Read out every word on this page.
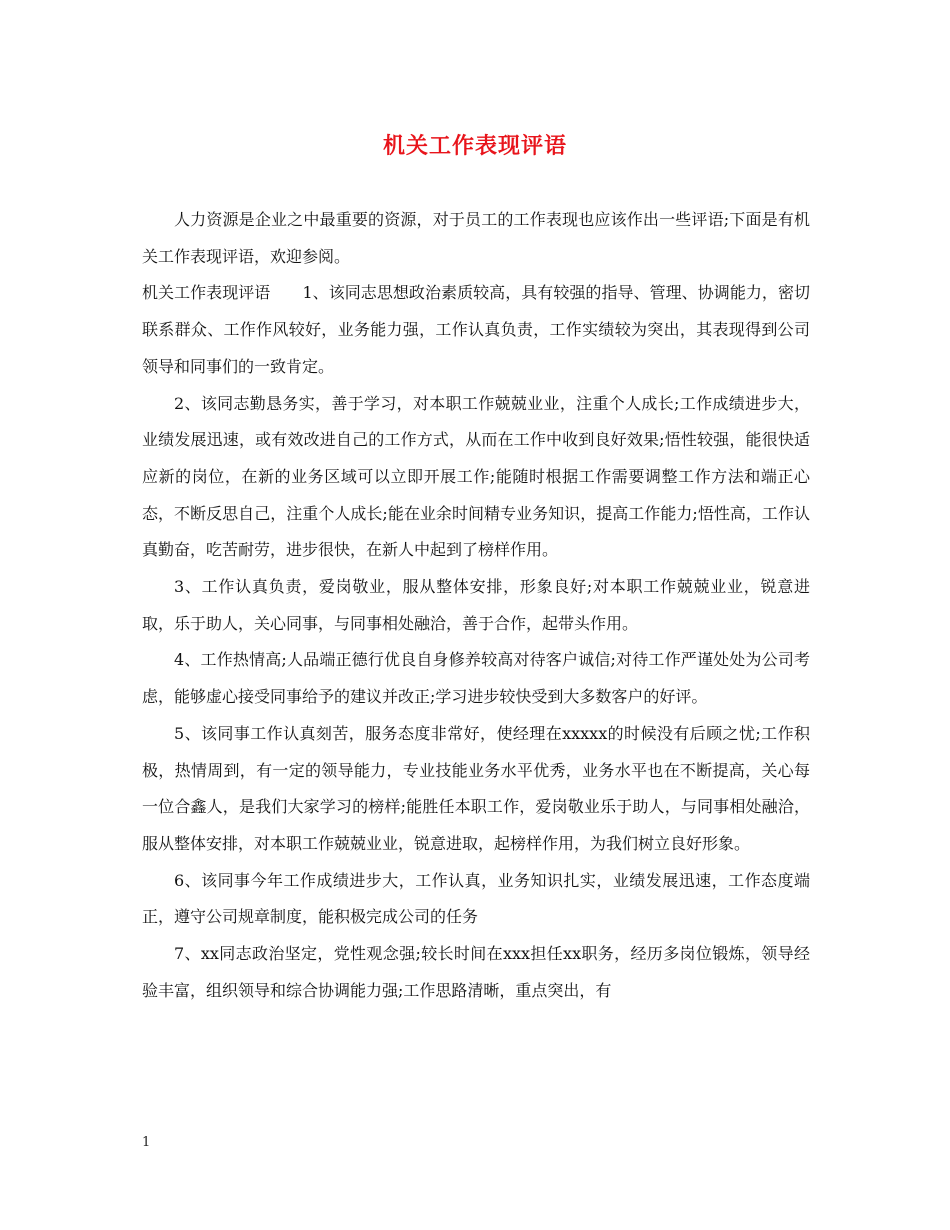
机关工作表现评语

人力资源是企业之中最重要的资源，对于员工的工作表现也应该作出一些评语;下面是有机关工作表现评语，欢迎参阅。

机关工作表现评语　　1、该同志思想政治素质较高，具有较强的指导、管理、协调能力，密切联系群众、工作作风较好，业务能力强，工作认真负责，工作实绩较为突出，其表现得到公司领导和同事们的一致肯定。

2、该同志勤恳务实，善于学习，对本职工作兢兢业业，注重个人成长;工作成绩进步大，业绩发展迅速，或有效改进自己的工作方式，从而在工作中收到良好效果;悟性较强，能很快适应新的岗位，在新的业务区域可以立即开展工作;能随时根据工作需要调整工作方法和端正心态，不断反思自己，注重个人成长;能在业余时间精专业务知识，提高工作能力;悟性高，工作认真勤奋，吃苦耐劳，进步很快，在新人中起到了榜样作用。

3、工作认真负责，爱岗敬业，服从整体安排，形象良好;对本职工作兢兢业业，锐意进取，乐于助人，关心同事，与同事相处融洽，善于合作，起带头作用。

4、工作热情高;人品端正德行优良自身修养较高对待客户诚信;对待工作严谨处处为公司考虑，能够虚心接受同事给予的建议并改正;学习进步较快受到大多数客户的好评。

5、该同事工作认真刻苦，服务态度非常好，使经理在xxxxx的时候没有后顾之忧;工作积极，热情周到，有一定的领导能力，专业技能业务水平优秀，业务水平也在不断提高，关心每一位合鑫人，是我们大家学习的榜样;能胜任本职工作，爱岗敬业乐于助人，与同事相处融洽，服从整体安排，对本职工作兢兢业业，锐意进取，起榜样作用，为我们树立良好形象。

6、该同事今年工作成绩进步大，工作认真，业务知识扎实，业绩发展迅速，工作态度端正，遵守公司规章制度，能积极完成公司的任务

7、xx同志政治坚定，党性观念强;较长时间在xxx担任xx职务，经历多岗位锻炼，领导经验丰富，组织领导和综合协调能力强;工作思路清晰，重点突出，有

1
